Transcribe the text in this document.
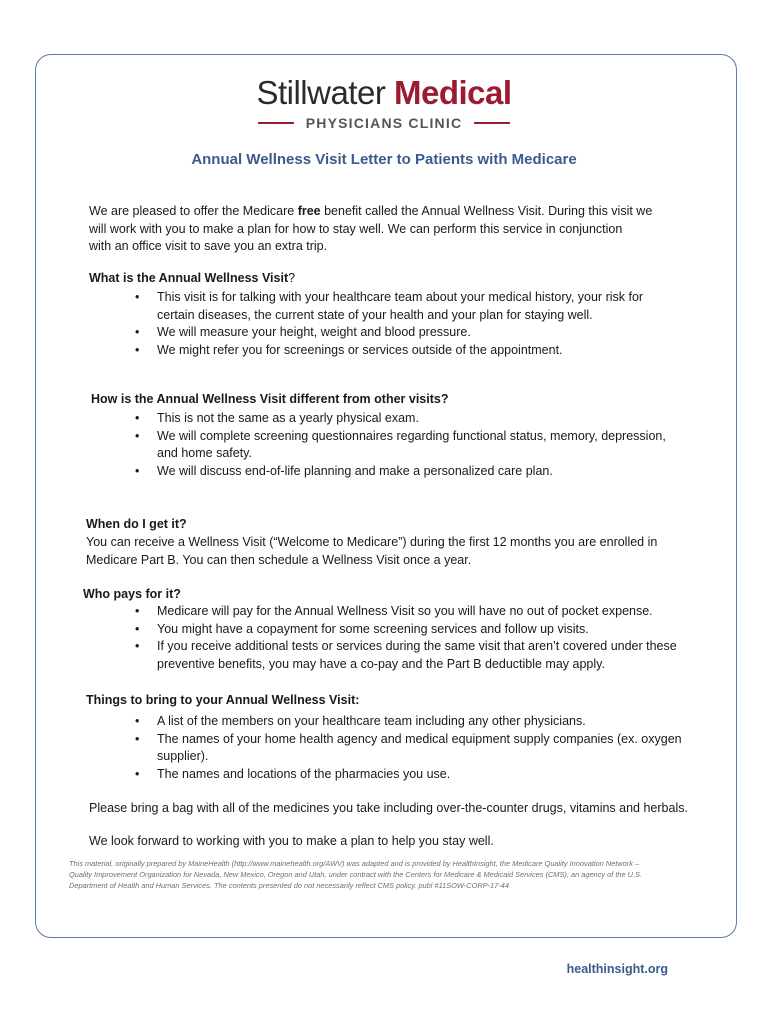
Stillwater Medical
PHYSICIANS CLINIC
Annual Wellness Visit Letter to Patients with Medicare
We are pleased to offer the Medicare free benefit called the Annual Wellness Visit. During this visit we
will work with you to make a plan for how to stay well. We can perform this service in conjunction
with an office visit to save you an extra trip.
What is the Annual Wellness Visit?
• This visit is for talking with your healthcare team about your medical history, your risk for
certain diseases, the current state of your health and your plan for staying well.
• We will measure your height, weight and blood pressure.
• We might refer you for screenings or services outside of the appointment.
How is the Annual Wellness Visit different from other visits?
• This is not the same as a yearly physical exam.
• We will complete screening questionnaires regarding functional status, memory, depression,
and home safety.
• We will discuss end-of-life planning and make a personalized care plan.
When do I get it?
You can receive a Wellness Visit (“Welcome to Medicare”) during the first 12 months you are enrolled in
Medicare Part B. You can then schedule a Wellness Visit once a year.
Who pays for it?
• Medicare will pay for the Annual Wellness Visit so you will have no out of pocket expense.
• You might have a copayment for some screening services and follow up visits.
• If you receive additional tests or services during the same visit that aren’t covered under these
preventive benefits, you may have a co-pay and the Part B deductible may apply.
Things to bring to your Annual Wellness Visit:
• A list of the members on your healthcare team including any other physicians.
• The names of your home health agency and medical equipment supply companies (ex. oxygen
supplier).
• The names and locations of the pharmacies you use.
Please bring a bag with all of the medicines you take including over-the-counter drugs, vitamins and herbals.
We look forward to working with you to make a plan to help you stay well.
This material, originally prepared by MaineHealth (http://www.mainehealth.org/AWV) was adapted and is provided by HealthInsight, the Medicare Quality Innovation Network –
Quality Improvement Organization for Nevada, New Mexico, Oregon and Utah, under contract with the Centers for Medicare & Medicaid Services (CMS), an agency of the U.S.
Department of Health and Human Services. The contents presented do not necessarily reflect CMS policy. publ #11SOW-CORP-17-44
healthinsight.org
